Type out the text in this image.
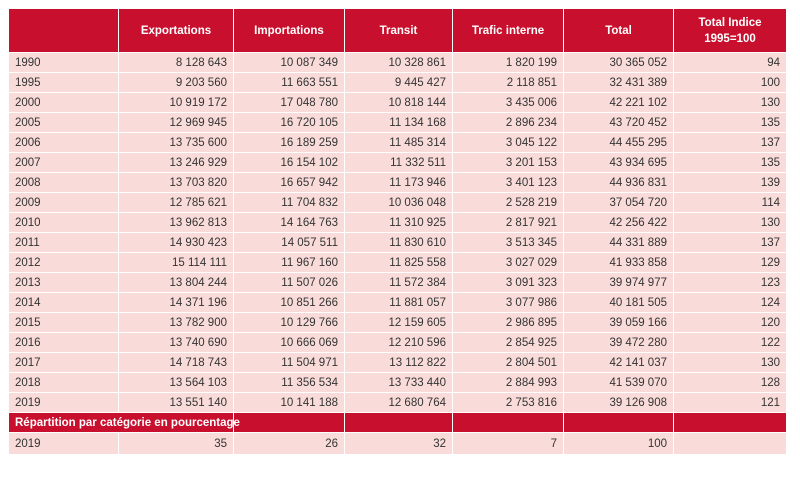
	Exportations	Importations	Transit	Trafic interne	Total	Total Indice 1995=100
1990	8 128 643	10 087 349	10 328 861	1 820 199	30 365 052	94
1995	9 203 560	11 663 551	9 445 427	2 118 851	32 431 389	100
2000	10 919 172	17 048 780	10 818 144	3 435 006	42 221 102	130
2005	12 969 945	16 720 105	11 134 168	2 896 234	43 720 452	135
2006	13 735 600	16 189 259	11 485 314	3 045 122	44 455 295	137
2007	13 246 929	16 154 102	11 332 511	3 201 153	43 934 695	135
2008	13 703 820	16 657 942	11 173 946	3 401 123	44 936 831	139
2009	12 785 621	11 704 832	10 036 048	2 528 219	37 054 720	114
2010	13 962 813	14 164 763	11 310 925	2 817 921	42 256 422	130
2011	14 930 423	14 057 511	11 830 610	3 513 345	44 331 889	137
2012	15 114 111	11 967 160	11 825 558	3 027 029	41 933 858	129
2013	13 804 244	11 507 026	11 572 384	3 091 323	39 974 977	123
2014	14 371 196	10 851 266	11 881 057	3 077 986	40 181 505	124
2015	13 782 900	10 129 766	12 159 605	2 986 895	39 059 166	120
2016	13 740 690	10 666 069	12 210 596	2 854 925	39 472 280	122
2017	14 718 743	11 504 971	13 112 822	2 804 501	42 141 037	130
2018	13 564 103	11 356 534	13 733 440	2 884 993	41 539 070	128
2019	13 551 140	10 141 188	12 680 764	2 753 816	39 126 908	121
Répartition par catégorie en pourcentage						
2019	35	26	32	7	100	
